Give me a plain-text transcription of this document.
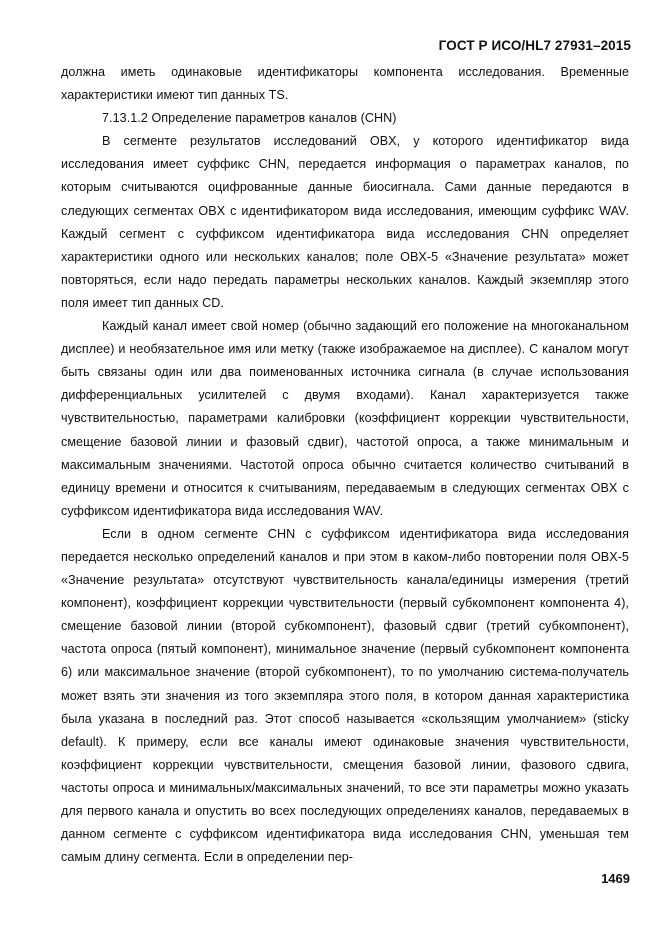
ГОСТ Р ИСО/HL7 27931–2015

должна иметь одинаковые идентификаторы компонента исследования. Временные характеристики имеют тип данных TS.

7.13.1.2 Определение параметров каналов (CHN)

В сегменте результатов исследований OBX, у которого идентификатор вида исследования имеет суффикс CHN, передается информация о параметрах каналов, по которым считываются оцифрованные данные биосигнала. Сами данные передаются в следующих сегментах OBX с идентификатором вида исследования, имеющим суффикс WAV. Каждый сегмент с суффиксом идентификатора вида исследования CHN определяет характеристики одного или нескольких каналов; поле OBX-5 «Значение результата» может повторяться, если надо передать параметры нескольких каналов. Каждый экземпляр этого поля имеет тип данных CD.

Каждый канал имеет свой номер (обычно задающий его положение на многоканальном дисплее) и необязательное имя или метку (также изображаемое на дисплее). С каналом могут быть связаны один или два поименованных источника сигнала (в случае использования дифференциальных усилителей с двумя входами). Канал характеризуется также чувствительностью, параметрами калибровки (коэффициент коррекции чувствительности, смещение базовой линии и фазовый сдвиг), частотой опроса, а также минимальным и максимальным значениями. Частотой опроса обычно считается количество считываний в единицу времени и относится к считываниям, передаваемым в следующих сегментах OBX с суффиксом идентификатора вида исследования WAV.

Если в одном сегменте CHN с суффиксом идентификатора вида исследования передается несколько определений каналов и при этом в каком-либо повторении поля OBX-5 «Значение результата» отсутствуют чувствительность канала/единицы измерения (третий компонент), коэффициент коррекции чувствительности (первый субкомпонент компонента 4), смещение базовой линии (второй субкомпонент), фазовый сдвиг (третий субкомпонент), частота опроса (пятый компонент), минимальное значение (первый субкомпонент компонента 6) или максимальное значение (второй субкомпонент), то по умолчанию система-получатель может взять эти значения из того экземпляра этого поля, в котором данная характеристика была указана в последний раз. Этот способ называется «скользящим умолчанием» (sticky default). К примеру, если все каналы имеют одинаковые значения чувствительности, коэффициент коррекции чувствительности, смещения базовой линии, фазового сдвига, частоты опроса и минимальных/максимальных значений, то все эти параметры можно указать для первого канала и опустить во всех последующих определениях каналов, передаваемых в данном сегменте с суффиксом идентификатора вида исследования CHN, уменьшая тем самым длину сегмента. Если в определении пер-

1469
